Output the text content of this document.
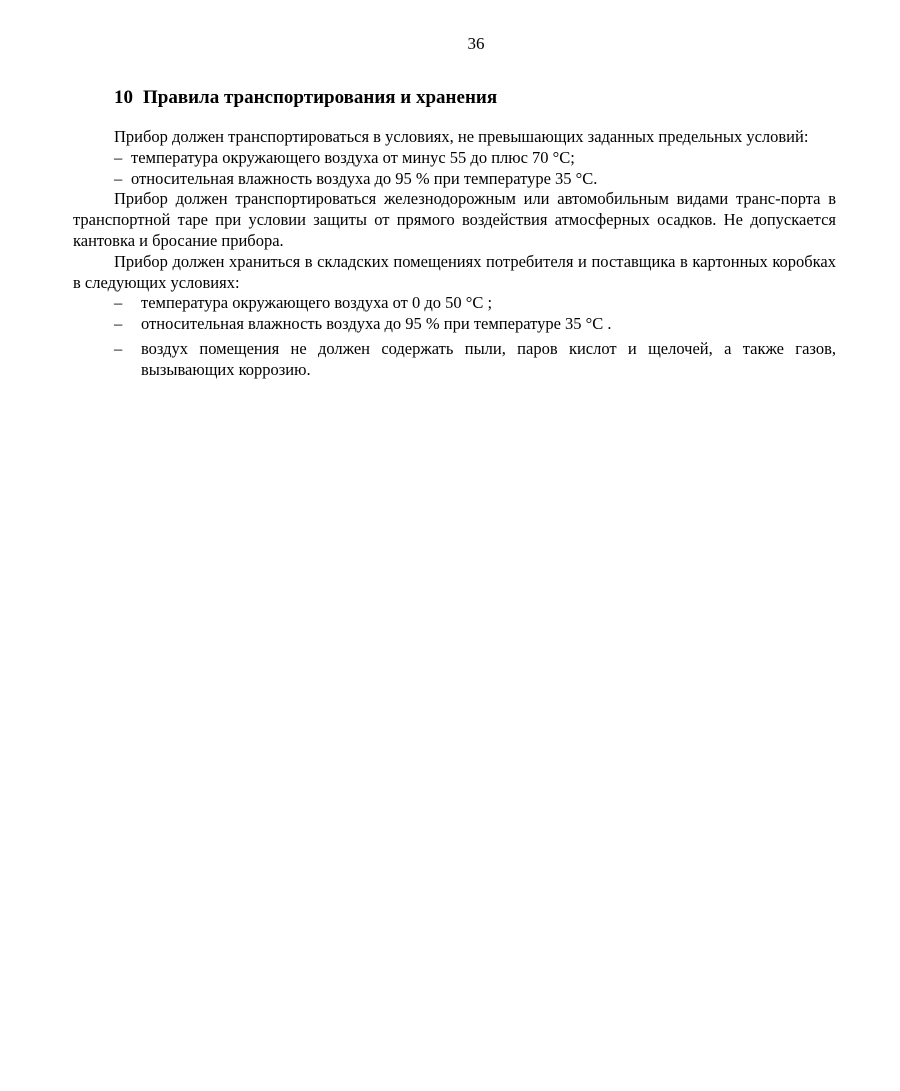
36
10 Правила транспортирования и хранения

Прибор должен транспортироваться в условиях, не превышающих заданных предельных условий:

– температура окружающего воздуха от минус 55 до плюс 70 °С;
– относительная влажность воздуха до 95 % при температуре 35 °С.

Прибор должен транспортироваться железнодорожным или автомобильным видами транс-порта в транспортной таре при условии защиты от прямого воздействия атмосферных осадков. Не допускается кантовка и бросание прибора.

Прибор должен храниться в складских помещениях потребителя и поставщика в картонных коробках в следующих условиях:

– температура окружающего воздуха от 0 до 50 °С ;
– относительная влажность воздуха до 95 % при температуре 35 °С .
– воздух помещения не должен содержать пыли, паров кислот и щелочей, а также газов, вызывающих коррозию.
